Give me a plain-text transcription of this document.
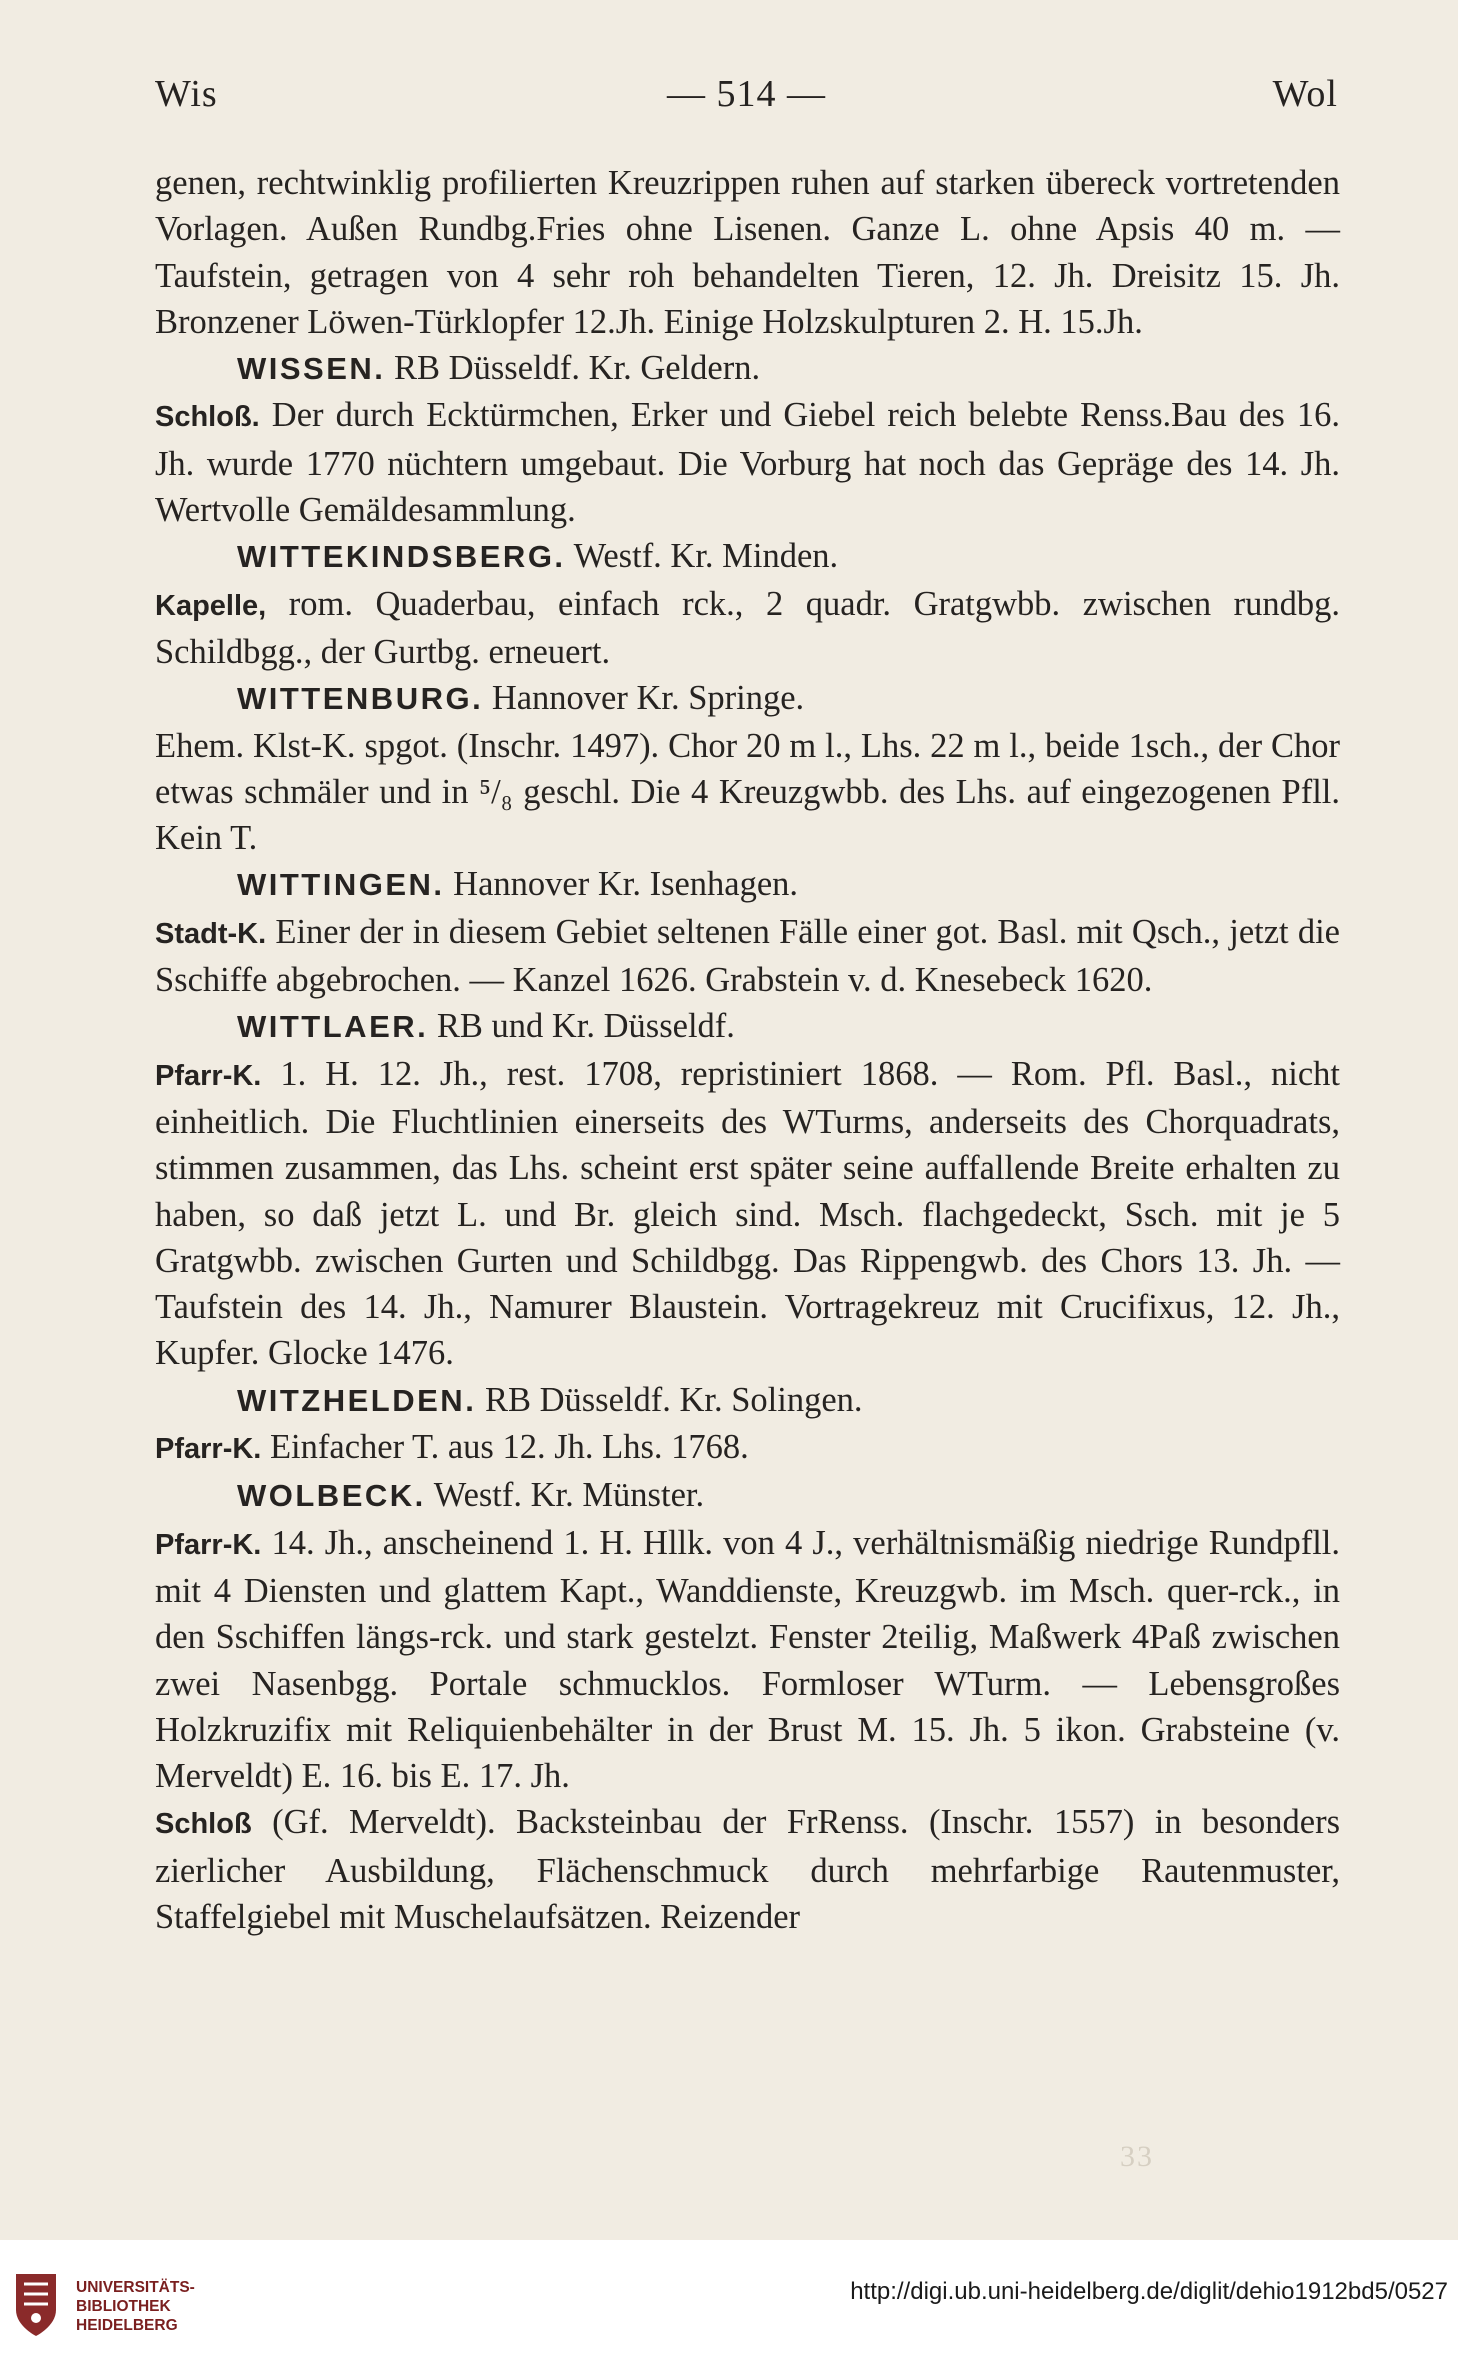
Wis	— 514 —	Wol

genen, rechtwinklig profilierten Kreuzrippen ruhen auf starken übereck vortretenden Vorlagen. Außen Rundbg.Fries ohne Lisenen. Ganze L. ohne Apsis 40 m. — Taufstein, getragen von 4 sehr roh behandelten Tieren, 12. Jh. Dreisitz 15. Jh. Bronzener Löwen-Türklopfer 12.Jh. Einige Holzskulpturen 2. H. 15.Jh.

WISSEN. RB Düsseldf. Kr. Geldern.

Schloß. Der durch Ecktürmchen, Erker und Giebel reich belebte Renss.Bau des 16. Jh. wurde 1770 nüchtern umgebaut. Die Vorburg hat noch das Gepräge des 14. Jh. Wertvolle Gemäldesammlung.

WITTEKINDSBERG. Westf. Kr. Minden.

Kapelle, rom. Quaderbau, einfach rck., 2 quadr. Gratgwbb. zwischen rundbg. Schildbgg., der Gurtbg. erneuert.

WITTENBURG. Hannover Kr. Springe.

Ehem. Klst-K. spgot. (Inschr. 1497). Chor 20 m l., Lhs. 22 m l., beide 1sch., der Chor etwas schmäler und in ⁵/₈ geschl. Die 4 Kreuzgwbb. des Lhs. auf eingezogenen Pfll. Kein T.

WITTINGEN. Hannover Kr. Isenhagen.

Stadt-K. Einer der in diesem Gebiet seltenen Fälle einer got. Basl. mit Qsch., jetzt die Sschiffe abgebrochen. — Kanzel 1626. Grabstein v. d. Knesebeck 1620.

WITTLAER. RB und Kr. Düsseldf.

Pfarr-K. 1. H. 12. Jh., rest. 1708, repristiniert 1868. — Rom. Pfl. Basl., nicht einheitlich. Die Fluchtlinien einerseits des WTurms, anderseits des Chorquadrats, stimmen zusammen, das Lhs. scheint erst später seine auffallende Breite erhalten zu haben, so daß jetzt L. und Br. gleich sind. Msch. flachgedeckt, Ssch. mit je 5 Gratgwbb. zwischen Gurten und Schildbgg. Das Rippengwb. des Chors 13. Jh. — Taufstein des 14. Jh., Namurer Blaustein. Vortragekreuz mit Crucifixus, 12. Jh., Kupfer. Glocke 1476.

WITZHELDEN. RB Düsseldf. Kr. Solingen.

Pfarr-K. Einfacher T. aus 12. Jh. Lhs. 1768.

WOLBECK. Westf. Kr. Münster.

Pfarr-K. 14. Jh., anscheinend 1. H. Hllk. von 4 J., verhältnismäßig niedrige Rundpfll. mit 4 Diensten und glattem Kapt., Wanddienste, Kreuzgwb. im Msch. quer-rck., in den Sschiffen längs-rck. und stark gestelzt. Fenster 2teilig, Maßwerk 4Paß zwischen zwei Nasenbgg. Portale schmucklos. Formloser WTurm. — Lebensgroßes Holzkruzifix mit Reliquienbehälter in der Brust M. 15. Jh. 5 ikon. Grabsteine (v. Merveldt) E. 16. bis E. 17. Jh.

Schloß (Gf. Merveldt). Backsteinbau der FrRenss. (Inschr. 1557) in besonders zierlicher Ausbildung, Flächenschmuck durch mehrfarbige Rautenmuster, Staffelgiebel mit Muschelaufsätzen. Reizender

33
UNIVERSITÄTS-
BIBLIOTHEK
HEIDELBERG
http://digi.ub.uni-heidelberg.de/diglit/dehio1912bd5/0527
